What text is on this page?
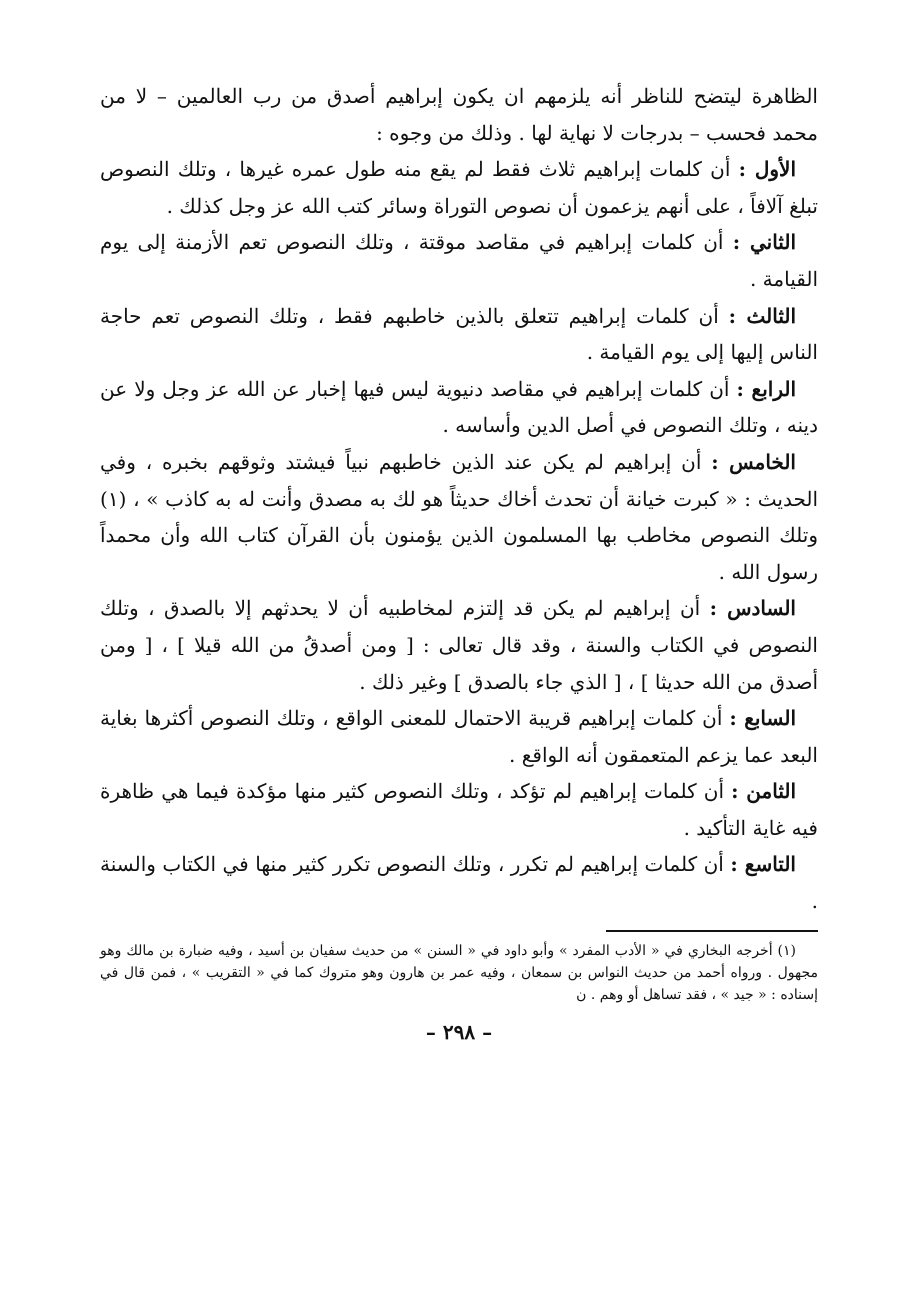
الظاهرة ليتضح للناظر أنه يلزمهم ان يكون إبراهيم أصدق من رب العالمين – لا من محمد فحسب – بدرجات لا نهاية لها . وذلك من وجوه :

الأول : أن كلمات إبراهيم ثلاث فقط لم يقع منه طول عمره غيرها ، وتلك النصوص تبلغ آلافاً ، على أنهم يزعمون أن نصوص التوراة وسائر كتب الله عز وجل كذلك .

الثاني : أن كلمات إبراهيم في مقاصد موقتة ، وتلك النصوص تعم الأزمنة إلى يوم القيامة .

الثالث : أن كلمات إبراهيم تتعلق بالذين خاطبهم فقط ، وتلك النصوص تعم حاجة الناس إليها إلى يوم القيامة .

الرابع : أن كلمات إبراهيم في مقاصد دنيوية ليس فيها إخبار عن الله عز وجل ولا عن دينه ، وتلك النصوص في أصل الدين وأساسه .

الخامس : أن إبراهيم لم يكن عند الذين خاطبهم نبياً فيشتد وثوقهم بخبره ، وفي الحديث : « كبرت خيانة أن تحدث أخاك حديثاً هو لك به مصدق وأنت له به كاذب » ، (١) وتلك النصوص مخاطب بها المسلمون الذين يؤمنون بأن القرآن كتاب الله وأن محمداً رسول الله .

السادس : أن إبراهيم لم يكن قد إلتزم لمخاطبيه أن لا يحدثهم إلا بالصدق ، وتلك النصوص في الكتاب والسنة ، وقد قال تعالى : [ ومن أصدقُ من الله قيلا ] ، [ ومن أصدق من الله حديثا ] ، [ الذي جاء بالصدق ] وغير ذلك .

السابع : أن كلمات إبراهيم قريبة الاحتمال للمعنى الواقع ، وتلك النصوص أكثرها بغاية البعد عما يزعم المتعمقون أنه الواقع .

الثامن : أن كلمات إبراهيم لم تؤكد ، وتلك النصوص كثير منها مؤكدة فيما هي ظاهرة فيه غاية التأكيد .

التاسع : أن كلمات إبراهيم لم تكرر ، وتلك النصوص تكرر كثير منها في الكتاب والسنة .

(١) أخرجه البخاري في « الأدب المفرد » وأبو داود في « السنن » من حديث سفيان بن أسيد ، وفيه ضبارة بن مالك وهو مجهول . ورواه أحمد من حديث النواس بن سمعان ، وفيه عمر بن هارون وهو متروك كما في « التقريب » ، فمن قال في إسناده : « جيد » ، فقد تساهل أو وهم . ن

– ٢٩٨ –
